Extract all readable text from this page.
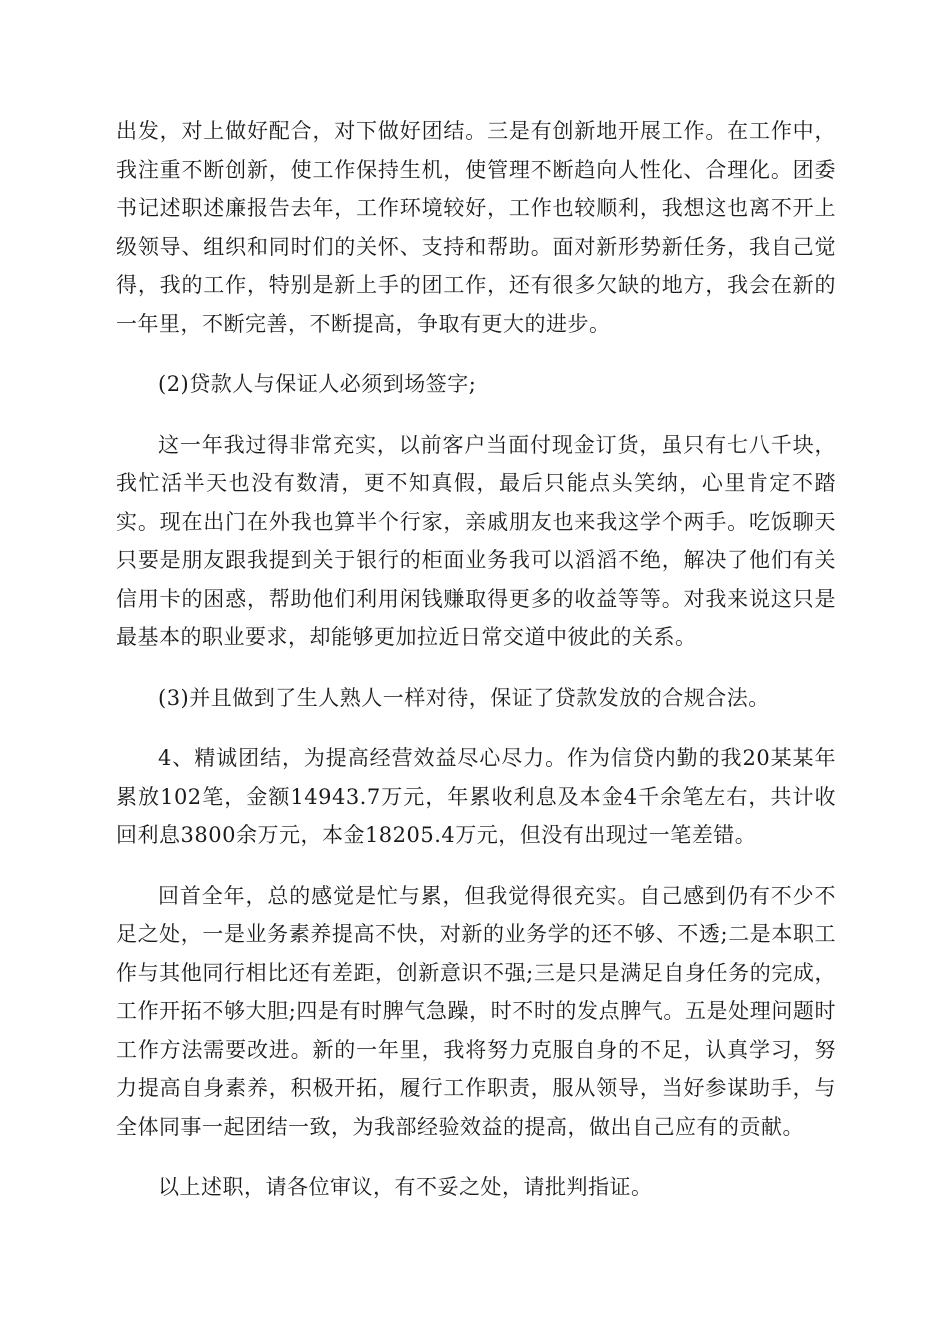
出发，对上做好配合，对下做好团结。三是有创新地开展工作。在工作中，我注重不断创新，使工作保持生机，使管理不断趋向人性化、合理化。团委书记述职述廉报告去年，工作环境较好，工作也较顺利，我想这也离不开上级领导、组织和同时们的关怀、支持和帮助。面对新形势新任务，我自己觉得，我的工作，特别是新上手的团工作，还有很多欠缺的地方，我会在新的一年里，不断完善，不断提高，争取有更大的进步。

(2)贷款人与保证人必须到场签字;

这一年我过得非常充实，以前客户当面付现金订货，虽只有七八千块，我忙活半天也没有数清，更不知真假，最后只能点头笑纳，心里肯定不踏实。现在出门在外我也算半个行家，亲戚朋友也来我这学个两手。吃饭聊天只要是朋友跟我提到关于银行的柜面业务我可以滔滔不绝，解决了他们有关信用卡的困惑，帮助他们利用闲钱赚取得更多的收益等等。对我来说这只是最基本的职业要求，却能够更加拉近日常交道中彼此的关系。

(3)并且做到了生人熟人一样对待，保证了贷款发放的合规合法。

4、精诚团结，为提高经营效益尽心尽力。作为信贷内勤的我20某某年累放102笔，金额14943.7万元，年累收利息及本金4千余笔左右，共计收回利息3800余万元，本金18205.4万元，但没有出现过一笔差错。

回首全年，总的感觉是忙与累，但我觉得很充实。自己感到仍有不少不足之处，一是业务素养提高不快，对新的业务学的还不够、不透;二是本职工作与其他同行相比还有差距，创新意识不强;三是只是满足自身任务的完成，工作开拓不够大胆;四是有时脾气急躁，时不时的发点脾气。五是处理问题时工作方法需要改进。新的一年里，我将努力克服自身的不足，认真学习，努力提高自身素养，积极开拓，履行工作职责，服从领导，当好参谋助手，与全体同事一起团结一致，为我部经验效益的提高，做出自己应有的贡献。

以上述职，请各位审议，有不妥之处，请批判指证。
